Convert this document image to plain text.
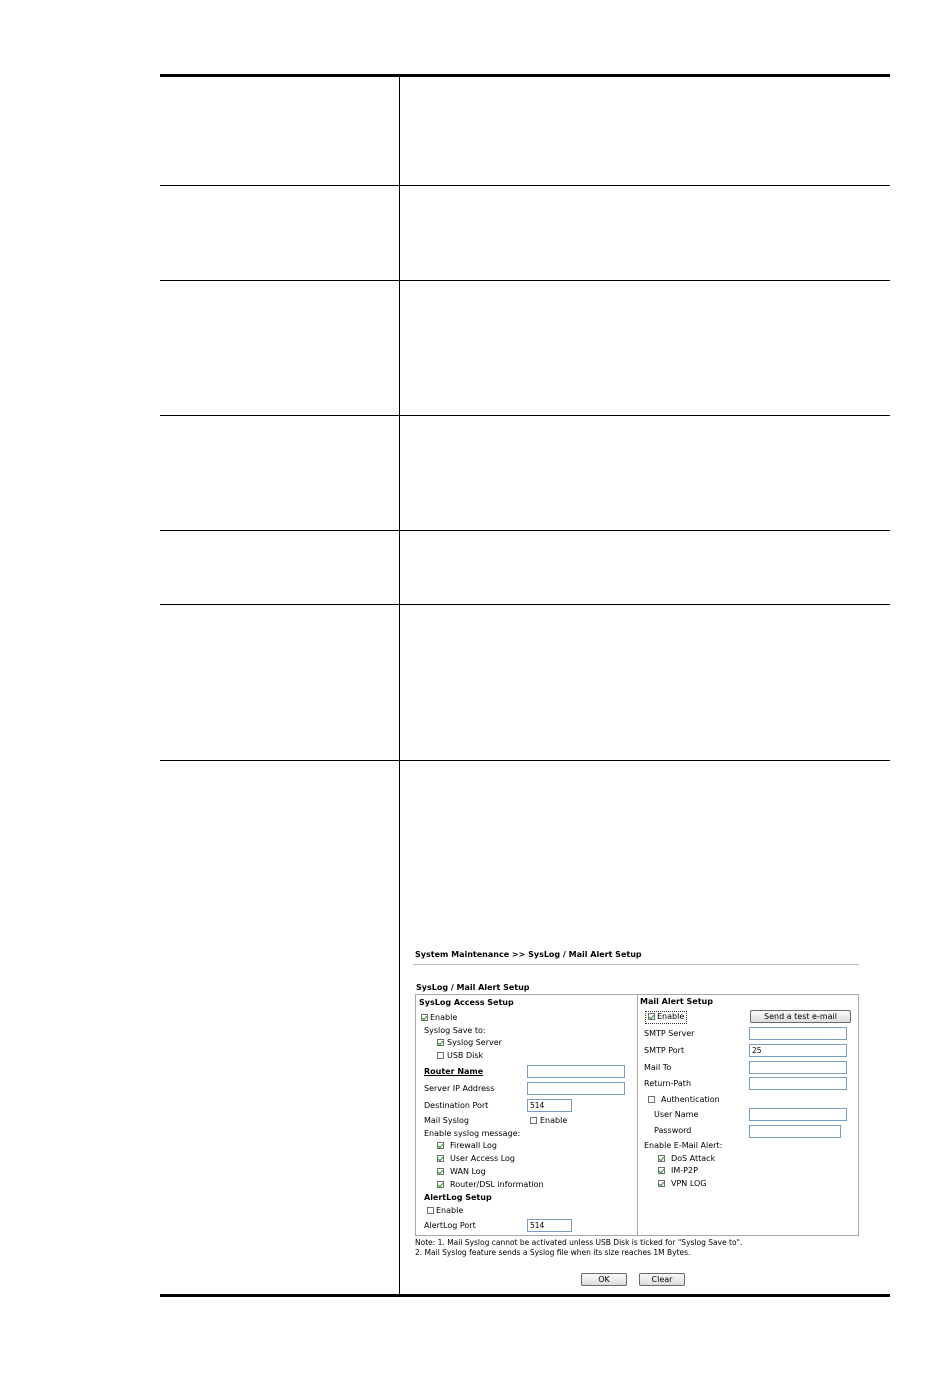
System Maintenance >> SysLog / Mail Alert Setup
SysLog / Mail Alert Setup
SysLog Access Setup
Enable
Syslog Save to:
Syslog Server
USB Disk
Router Name
Server IP Address
Destination Port	514
Mail Syslog	Enable
Enable syslog message:
Firewall Log
User Access Log
WAN Log
Router/DSL information
AlertLog Setup
Enable
AlertLog Port	514
Mail Alert Setup
Enable	Send a test e-mail
SMTP Server
SMTP Port	25
Mail To
Return-Path
Authentication
User Name
Password
Enable E-Mail Alert:
DoS Attack
IM-P2P
VPN LOG
Note: 1. Mail Syslog cannot be activated unless USB Disk is ticked for "Syslog Save to".
2. Mail Syslog feature sends a Syslog file when its size reaches 1M Bytes.
OK	Clear
